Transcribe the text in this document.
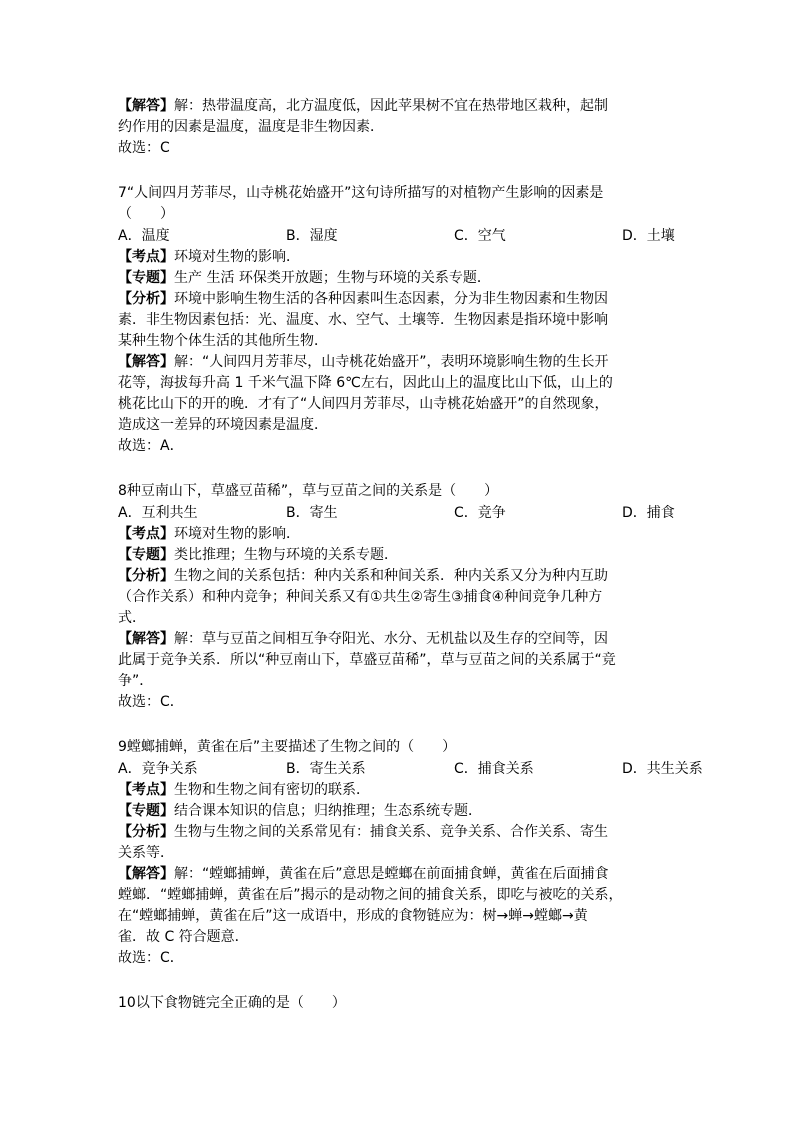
【解答】解：热带温度高，北方温度低，因此苹果树不宜在热带地区栽种，起制
约作用的因素是温度，温度是非生物因素．
故选：C
7“人间四月芳菲尽，山寺桃花始盛开”这句诗所描写的对植物产生影响的因素是
（　　）
A．温度	B．湿度	C．空气	D．土壤
【考点】环境对生物的影响．
【专题】生产 生活 环保类开放题；生物与环境的关系专题．
【分析】环境中影响生物生活的各种因素叫生态因素，分为非生物因素和生物因
素．非生物因素包括：光、温度、水、空气、土壤等．生物因素是指环境中影响
某种生物个体生活的其他所生物．
【解答】解：“人间四月芳菲尽，山寺桃花始盛开”，表明环境影响生物的生长开
花等，海拔每升高 1 千米气温下降 6℃左右，因此山上的温度比山下低，山上的
桃花比山下的开的晚．才有了“人间四月芳菲尽，山寺桃花始盛开”的自然现象，
造成这一差异的环境因素是温度．
故选：A．
8种豆南山下，草盛豆苗稀”，草与豆苗之间的关系是（　　）
A．互利共生	B．寄生	C．竞争	D．捕食
【考点】环境对生物的影响．
【专题】类比推理；生物与环境的关系专题．
【分析】生物之间的关系包括：种内关系和种间关系．种内关系又分为种内互助
（合作关系）和种内竞争；种间关系又有①共生②寄生③捕食④种间竞争几种方
式．
【解答】解：草与豆苗之间相互争夺阳光、水分、无机盐以及生存的空间等，因
此属于竞争关系．所以“种豆南山下，草盛豆苗稀”，草与豆苗之间的关系属于“竞
争”．
故选：C．
9螳螂捕蝉，黄雀在后”主要描述了生物之间的（　　）
A．竞争关系	B．寄生关系	C．捕食关系	D．共生关系
【考点】生物和生物之间有密切的联系．
【专题】结合课本知识的信息；归纳推理；生态系统专题．
【分析】生物与生物之间的关系常见有：捕食关系、竞争关系、合作关系、寄生
关系等．
【解答】解：“螳螂捕蝉，黄雀在后”意思是螳螂在前面捕食蝉，黄雀在后面捕食
螳螂．“螳螂捕蝉，黄雀在后”揭示的是动物之间的捕食关系，即吃与被吃的关系，
在“螳螂捕蝉，黄雀在后”这一成语中，形成的食物链应为：树→蝉→螳螂→黄
雀．故 C 符合题意．
故选：C．
10以下食物链完全正确的是（　　）
